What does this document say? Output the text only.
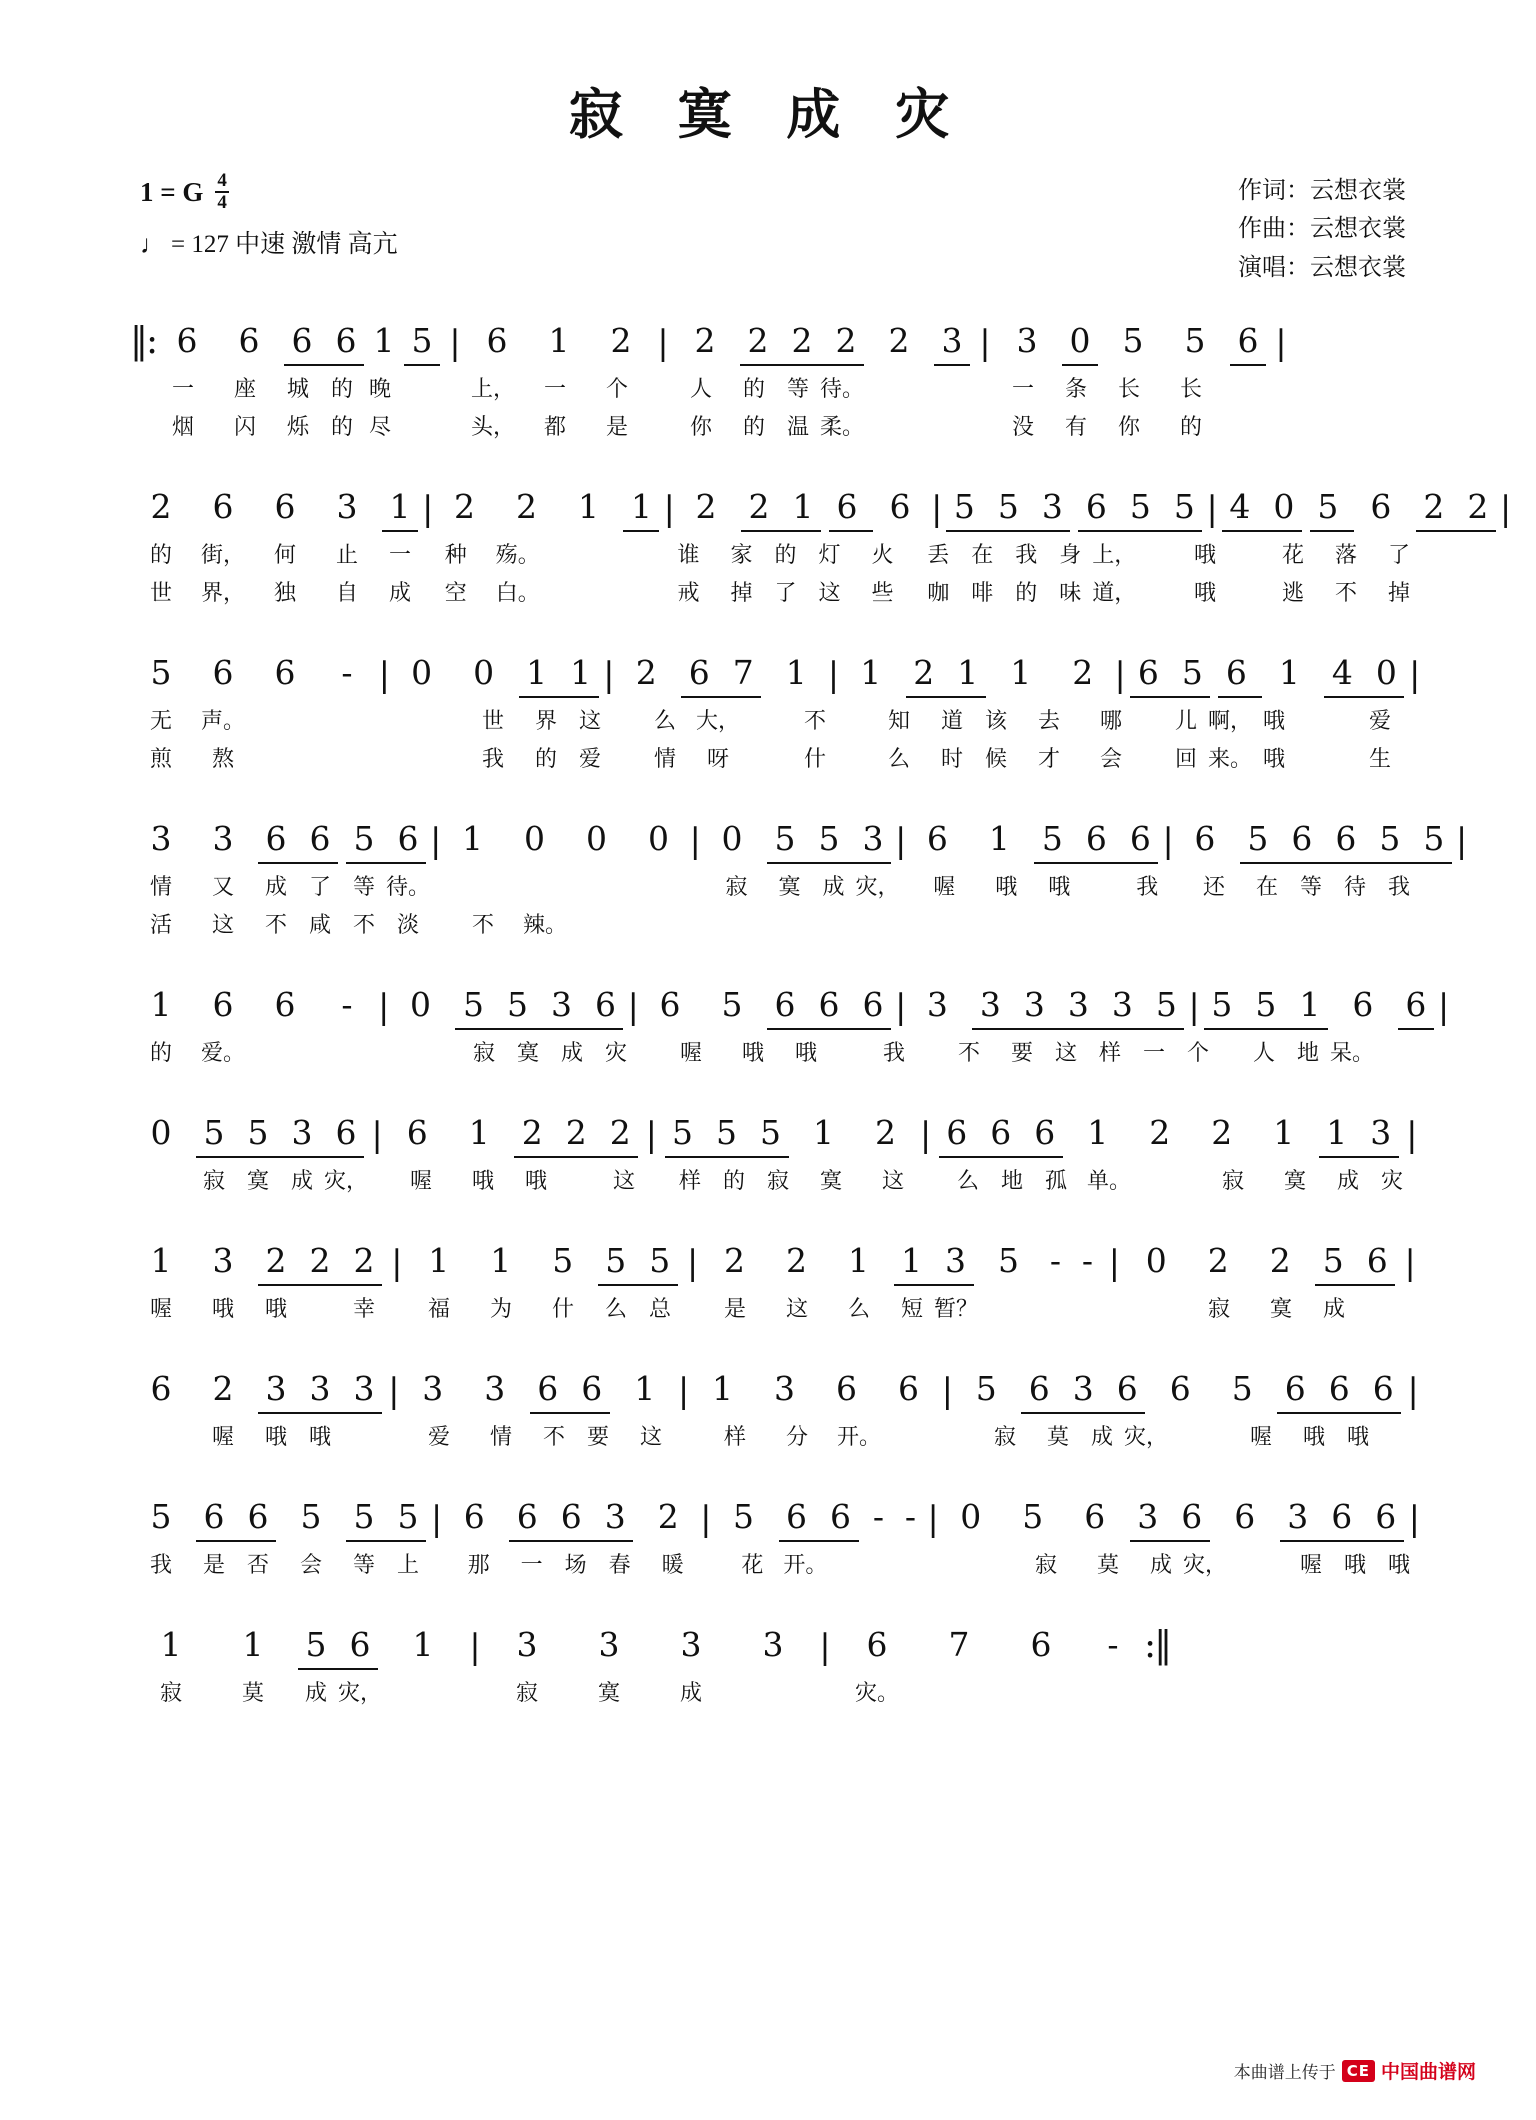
寂 寞 成 灾
1 = G $\frac{4}{4}$
♩ = 127 中速 激情 高亢
作词：云想衣裳
作曲：云想衣裳
演唱：云想衣裳
‖: 6	6 6 6 1 5 | 6	1	2 | 2 2 2 2 2 3 | 3 0 5	5 6 |
一	座	城 的 晚	上，	一	个	人	的 等 待。	一	条	长	长
烟	闪	烁 的 尽	头，	都	是	你	的 温 柔。	没	有	你	的
2	6	6	3 1 | 2	2	1 1 | 2 2 1 6 6 | 5 5 3 6 5 5 | 4 0 5 6 2 2 |
的	街，	何	止	一	种	殇。	谁	家 的 灯	火	丢 在 我 身 上，	哦	花	落	了
世	界，	独	自	成	空	白。	戒	掉 了 这	些	咖 啡 的 味 道，	哦	逃	不	掉
5	6	6	- | 0	0 1 1 | 2 6 7 1 | 1 2 1 1	2 | 6 5 6 1 4 0 |
无	声。	世	界 这	么 大，	不	知	道 该	去	哪	儿 啊， 哦	爱
煎	熬	我	的 爱	情	呀	什	么	时 候	才	会	回 来。 哦	生
3	3 6 6 5 6 | 1	0	0	0 | 0 5 5 3 | 6	1 5 6 6 | 6 5 6 6 5 5 |
情	又	成 了 等 待。	寂	寞 成 灾，	喔	哦	哦	我	还	在 等 待 我
活	这	不 咸 不 淡	不	辣。
1	6	6	- | 0 5 5 3 6 | 6	5 6 6 6 | 3 3 3 3 3 5 | 5 5 1 6 6 |
的	爱。	寂 寞 成 灾	喔	哦	哦	我	不	要 这 样 一 个	人 地 呆。
0 5 5 3 6 | 6	1 2 2 2 | 5 5 5 1	2 | 6 6 6 1	2	2	1 1 3 |
寂 寞 成 灾，	喔	哦	哦	这	样 的 寂	寞	这	么 地 孤 单。	寂	寞	成 灾
1	3 2 2 2 | 1	1	5 5 5 | 2	2	1 1 3 5 - - | 0	2	2 5 6 |
喔	哦	哦	幸	福	为	什	么 总	是	这	么	短 暂？	寂	寞	成
6	2 3 3 3 | 3	3 6 6 1 | 1	3	6	6 | 5 6 3 6 6	5 6 6 6 |
喔	哦 哦	爱	情	不 要	这	样	分	开。	寂	莫 成 灾，	喔	哦 哦
5 6 6 5 5 5 | 6 6 6 3 2 | 5 6 6 - - | 0	5	6 3 6 6 3 6 6 |
我	是 否	会	等 上	那	一 场 春	暖	花 开。	寂	莫	成 灾，	喔 哦 哦
1	1	5 6	1	|	3	3	3	3	|	6	7	6	- :‖
寂	莫	成 灾，	寂	寞	成	灾。
本曲谱上传于 CE 中国曲谱网
